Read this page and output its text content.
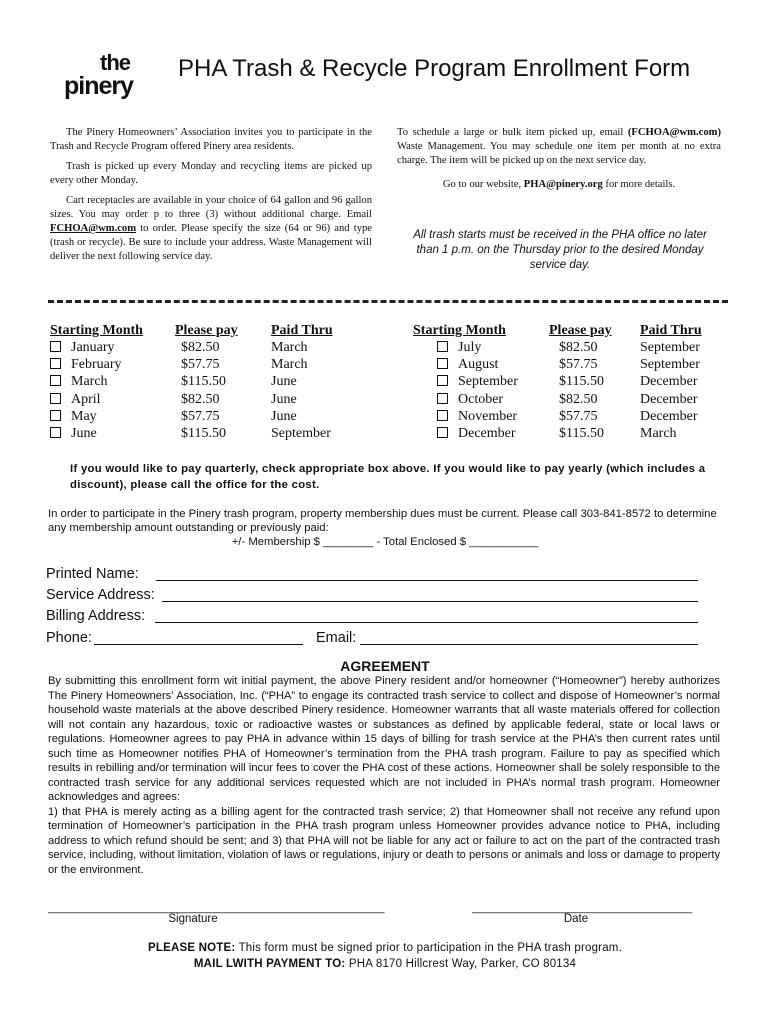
the
pinery
PHA Trash & Recycle Program Enrollment Form

The Pinery Homeowners’ Association invites you to participate in the Trash and Recycle Program offered Pinery area residents.

Trash is picked up every Monday and recycling items are picked up every other Monday.

Cart receptacles are available in your choice of 64 gallon and 96 gallon sizes. You may order p to three (3) without additional charge. Email FCHOA@wm.com to order. Please specify the size (64 or 96) and type (trash or recycle). Be sure to include your address. Waste Management will deliver the next following service day.

To schedule a large or bulk item picked up, email (FCHOA@wm.com) Waste Management. You may schedule one item per month at no extra charge. The item will be picked up on the next service day.

Go to our website, PHA@pinery.org for more details.

All trash starts must be received in the PHA office no later than 1 p.m. on the Thursday prior to the desired Monday service day.
Starting Month	Please pay	Paid Thru
January	$82.50	March
February	$57.75	March
March	$115.50	June
April	$82.50	June
May	$57.75	June
June	$115.50	September
Starting Month	Please pay	Paid Thru
July	$82.50	September
August	$57.75	September
September	$115.50	December
October	$82.50	December
November	$57.75	December
December	$115.50	March
If you would like to pay quarterly, check appropriate box above. If you would like to pay yearly (which includes a discount), please call the office for the cost.
In order to participate in the Pinery trash program, property membership dues must be current. Please call 303-841-8572 to determine any membership amount outstanding or previously paid:
+/- Membership $ ________ - Total Enclosed $ ___________
Printed Name:
Service Address:
Billing Address:
Phone:	Email:
AGREEMENT
By submitting this enrollment form wit initial payment, the above Pinery resident and/or homeowner (“Homeowner”) hereby authorizes The Pinery Homeowners’ Association, Inc. (“PHA” to engage its contracted trash service to collect and dispose of Homeowner’s normal household waste materials at the above described Pinery residence. Homeowner warrants that all waste materials offered for collection will not contain any hazardous, toxic or radioactive wastes or substances as defined by applicable federal, state or local laws or regulations. Homeowner agrees to pay PHA in advance within 15 days of billing for trash service at the PHA’s then current rates until such time as Homeowner notifies PHA of Homeowner’s termination from the PHA trash program. Failure to pay as specified which results in rebilling and/or termination will incur fees to cover the PHA cost of these actions. Homeowner shall be solely responsible to the contracted trash service for any additional services requested which are not included in PHA’s normal trash program. Homeowner acknowledges and agrees:
1) that PHA is merely acting as a billing agent for the contracted trash service; 2) that Homeowner shall not receive any refund upon termination of Homeowner’s participation in the PHA trash program unless Homeowner provides advance notice to PHA, including address to which refund should be sent; and 3) that PHA will not be liable for any act or failure to act on the part of the contracted trash service, including, without limitation, violation of laws or regulations, injury or death to persons or animals and loss or damage to property or the environment.
_______________________________________________________
Signature
____________________________________
Date
PLEASE NOTE: This form must be signed prior to participation in the PHA trash program.
MAIL LWITH PAYMENT TO: PHA 8170 Hillcrest Way, Parker, CO 80134
